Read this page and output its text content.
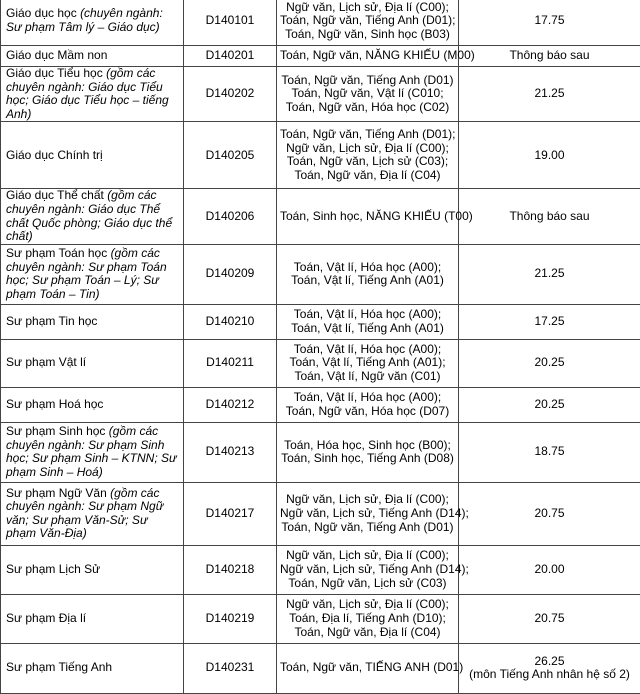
Giáo dục học (chuyên ngành: Sư phạm Tâm lý – Giáo dục)	D140101	Ngữ văn, Lịch sử, Địa lí (C00);
Toán, Ngữ văn, Tiếng Anh (D01);
Toán, Ngữ văn, Sinh học (B03)	17.75

Giáo dục Mầm non	D140201	Toán, Ngữ văn, NĂNG KHIẾU (M00)	Thông báo sau

Giáo dục Tiểu học (gồm các chuyên ngành: Giáo dục Tiểu học; Giáo dục Tiểu học – tiếng Anh)	D140202	Toán, Ngữ văn, Tiếng Anh (D01)
Toán, Ngữ văn, Vật lí (C010;
Toán, Ngữ văn, Hóa học (C02)	21.25

Giáo dục Chính trị	D140205	Toán, Ngữ văn, Tiếng Anh (D01);
Ngữ văn, Lịch sử, Địa lí (C00);
Toán, Ngữ văn, Lịch sử (C03);
Toán, Ngữ văn, Địa lí (C04)	19.00

Giáo dục Thể chất (gồm các chuyên ngành: Giáo dục Thể chất Quốc phòng; Giáo dục thể chất)	D140206	Toán, Sinh học, NĂNG KHIẾU (T00)	Thông báo sau

Sư phạm Toán học (gồm các chuyên ngành: Sư phạm Toán học; Sư phạm Toán – Lý; Sư phạm Toán – Tin)	D140209	Toán, Vật lí, Hóa học (A00);
Toán, Vật lí, Tiếng Anh (A01)	21.25

Sư phạm Tin học	D140210	Toán, Vật lí, Hóa học (A00);
Toán, Vật lí, Tiếng Anh (A01)	17.25

Sư phạm Vật lí	D140211	Toán, Vật lí, Hóa học (A00);
Toán, Vật lí, Tiếng Anh (A01);
Toán, Vật lí, Ngữ văn (C01)	20.25

Sư phạm Hoá học	D140212	Toán, Vật lí, Hóa học (A00);
Toán, Ngữ văn, Hóa học (D07)	20.25

Sư phạm Sinh học (gồm các chuyên ngành: Sư phạm Sinh học; Sư phạm Sinh – KTNN; Sư phạm Sinh – Hoá)	D140213	Toán, Hóa học, Sinh học (B00);
Toán, Sinh học, Tiếng Anh (D08)	18.75

Sư phạm Ngữ Văn (gồm các chuyên ngành: Sư phạm Ngữ văn; Sư phạm Văn-Sử; Sư phạm Văn-Địa)	D140217	Ngữ văn, Lịch sử, Địa lí (C00);
Ngữ văn, Lịch sử, Tiếng Anh (D14);
Toán, Ngữ văn, Tiếng Anh (D01)	20.75

Sư phạm Lịch Sử	D140218	Ngữ văn, Lịch sử, Địa lí (C00);
Ngữ văn, Lịch sử, Tiếng Anh (D14);
Toán, Ngữ văn, Lịch sử (C03)	20.00

Sư phạm Địa lí	D140219	Ngữ văn, Lịch sử, Địa lí (C00);
Toán, Địa lí, Tiếng Anh (D10);
Toán, Ngữ văn, Địa lí (C04)	20.75

Sư phạm Tiếng Anh	D140231	Toán, Ngữ văn, TIẾNG ANH (D01)	26.25
(môn Tiếng Anh nhân hệ số 2)
